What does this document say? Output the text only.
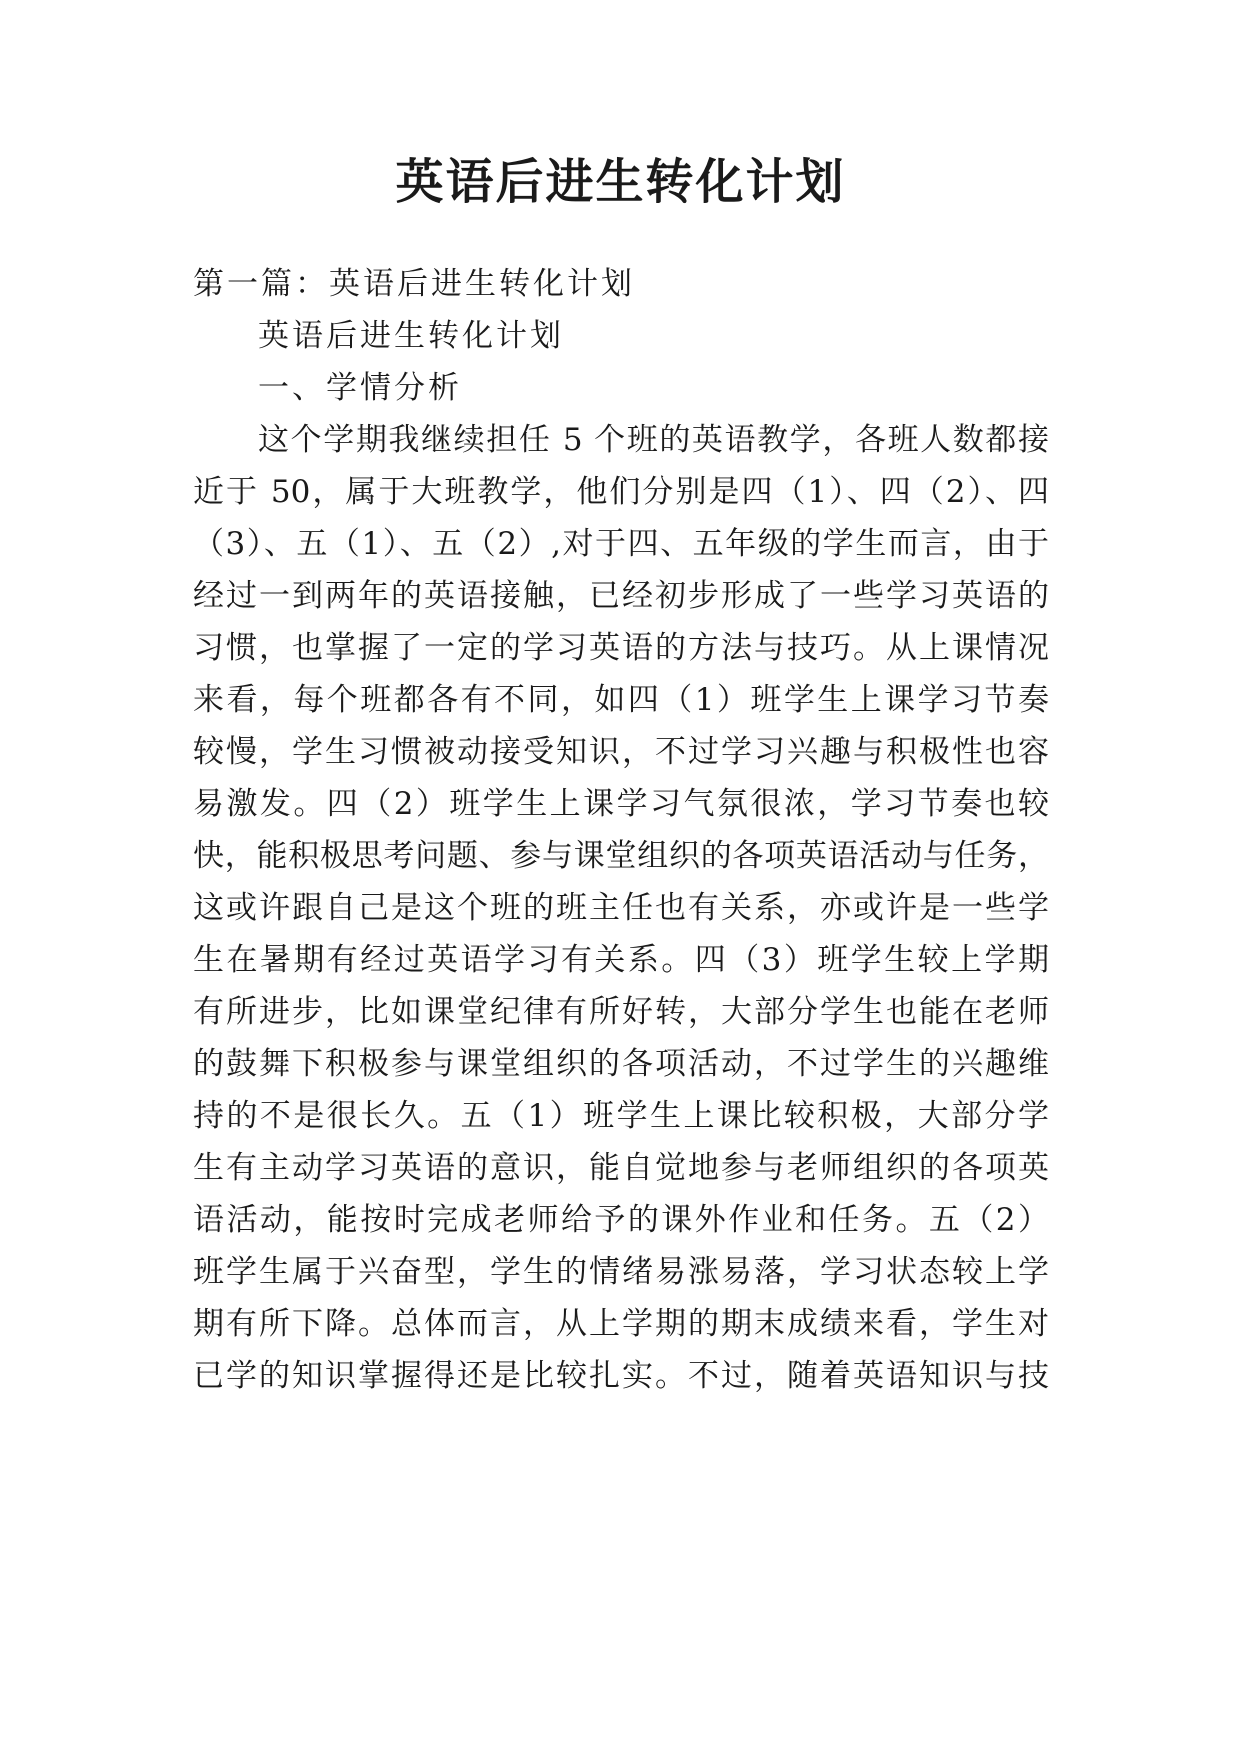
英语后进生转化计划
第一篇：英语后进生转化计划
英语后进生转化计划
一、学情分析
这个学期我继续担任 5 个班的英语教学，各班人数都接
近于 50，属于大班教学，他们分别是四（1）、四（2）、四
（3）、五（1）、五（2）,对于四、五年级的学生而言，由于
经过一到两年的英语接触，已经初步形成了一些学习英语的
习惯，也掌握了一定的学习英语的方法与技巧。从上课情况
来看，每个班都各有不同，如四（1）班学生上课学习节奏
较慢，学生习惯被动接受知识，不过学习兴趣与积极性也容
易激发。四（2）班学生上课学习气氛很浓，学习节奏也较
快，能积极思考问题、参与课堂组织的各项英语活动与任务，
这或许跟自己是这个班的班主任也有关系，亦或许是一些学
生在暑期有经过英语学习有关系。四（3）班学生较上学期
有所进步，比如课堂纪律有所好转，大部分学生也能在老师
的鼓舞下积极参与课堂组织的各项活动，不过学生的兴趣维
持的不是很长久。五（1）班学生上课比较积极，大部分学
生有主动学习英语的意识，能自觉地参与老师组织的各项英
语活动，能按时完成老师给予的课外作业和任务。五（2）
班学生属于兴奋型，学生的情绪易涨易落，学习状态较上学
期有所下降。总体而言，从上学期的期末成绩来看，学生对
已学的知识掌握得还是比较扎实。不过，随着英语知识与技
